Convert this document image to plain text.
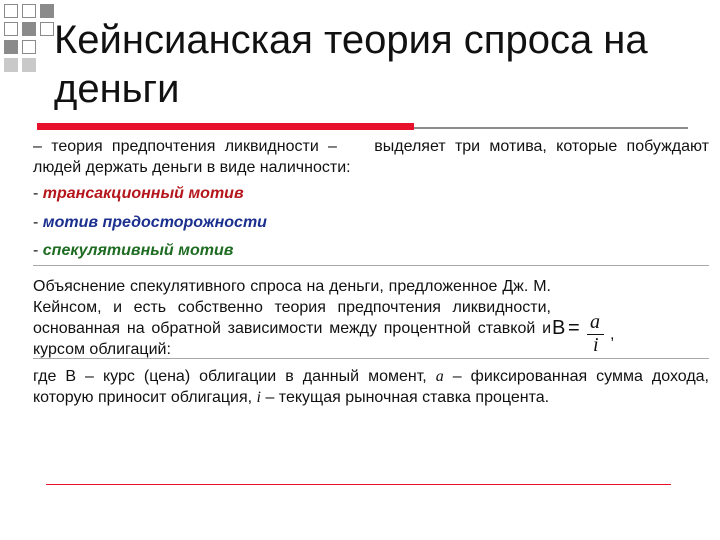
Кейнсианская теория спроса на деньги

– теория предпочтения ликвидности – выделяет три мотива, которые побуждают людей держать деньги в виде наличности:

- трансакционный мотив

- мотив предосторожности

- спекулятивный мотив

Объяснение спекулятивного спроса на деньги, предложенное Дж. М. Кейнсом, и есть собственно теория предпочтения ликвидности, основанная на обратной зависимости между процентной ставкой и курсом облигаций:

B = a
i ,

где В – курс (цена) облигации в данный момент, a – фиксированная сумма дохода, которую приносит облигация, i – текущая рыночная ставка процента.
